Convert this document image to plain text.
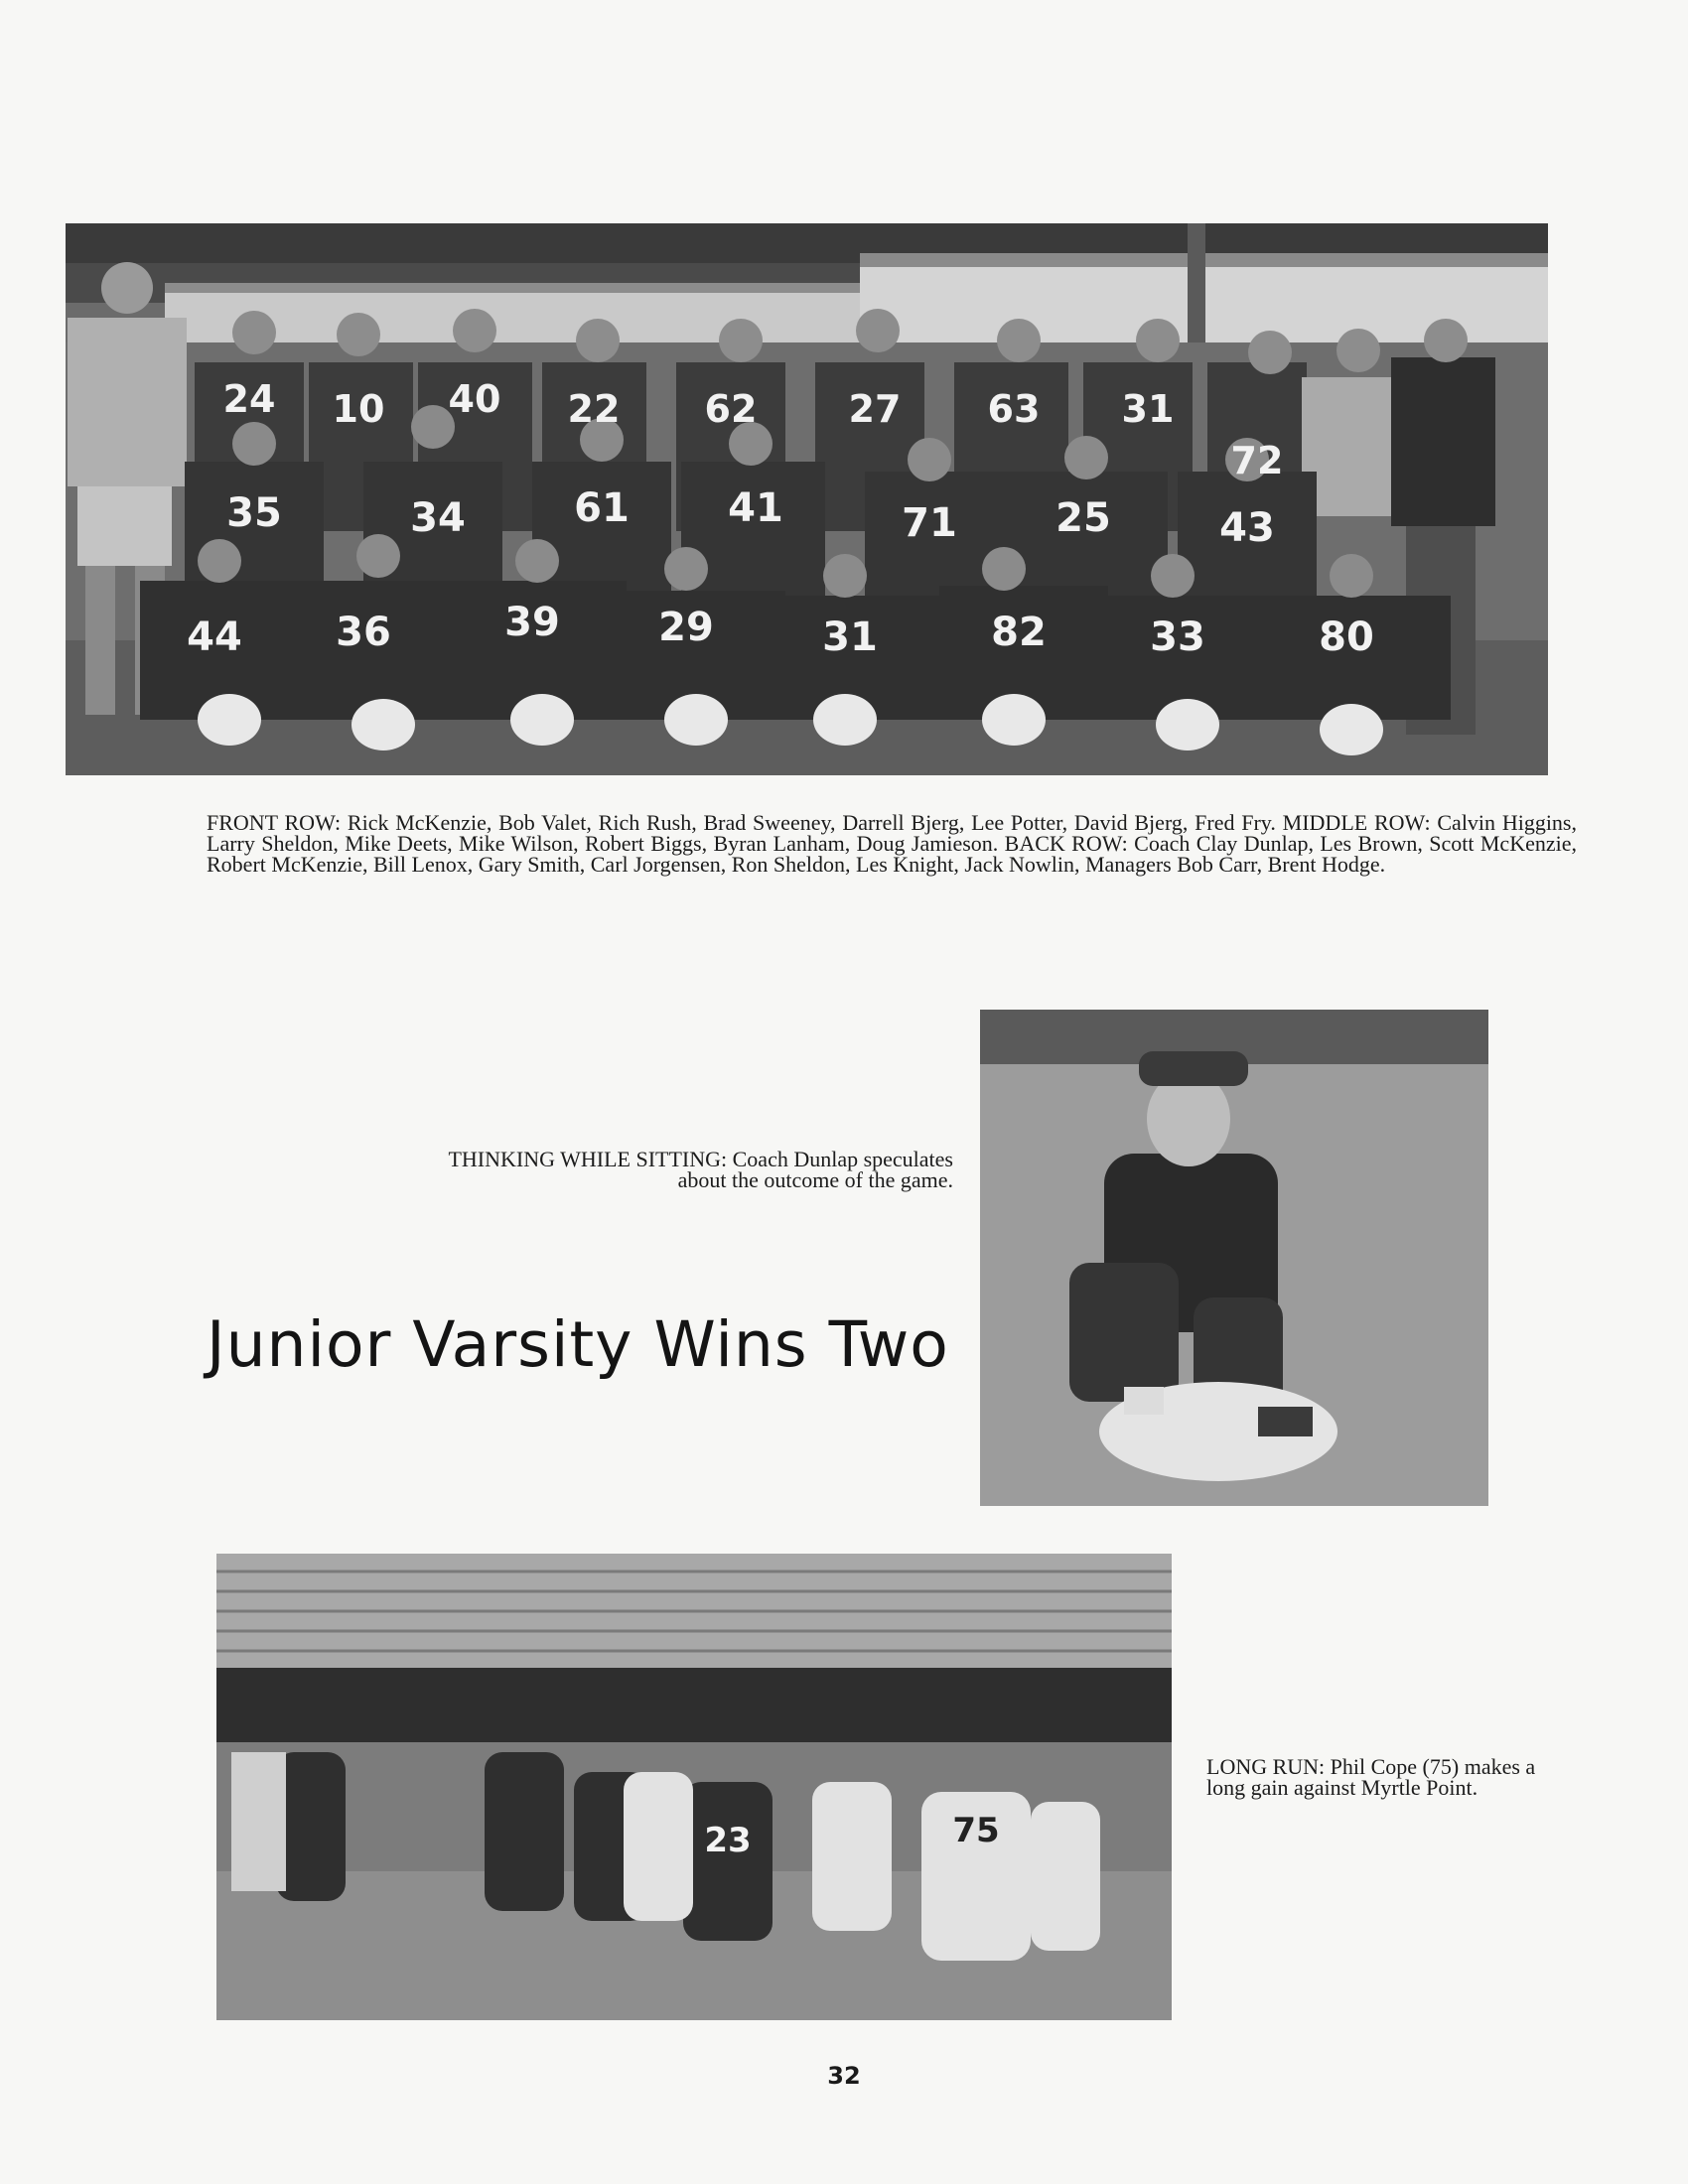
24 10 40 22 62 27 63 31
72
35	34	61 41	71 25	43
44 36	39 29	31	82	33	80

FRONT ROW: Rick McKenzie, Bob Valet, Rich Rush, Brad Sweeney, Darrell Bjerg, Lee Potter, David Bjerg, Fred Fry. MIDDLE ROW: Calvin Higgins, Larry Sheldon, Mike Deets, Mike Wilson, Robert Biggs, Byran Lanham, Doug Jamieson. BACK ROW: Coach Clay Dunlap, Les Brown, Scott McKenzie, Robert McKenzie, Bill Lenox, Gary Smith, Carl Jorgensen, Ron Sheldon, Les Knight, Jack Nowlin, Managers Bob Carr, Brent Hodge.

THINKING WHILE SITTING: Coach Dunlap speculates about the outcome of the game.

Junior Varsity Wins Two
23	75

LONG RUN: Phil Cope (75) makes a long gain against Myrtle Point.

32
